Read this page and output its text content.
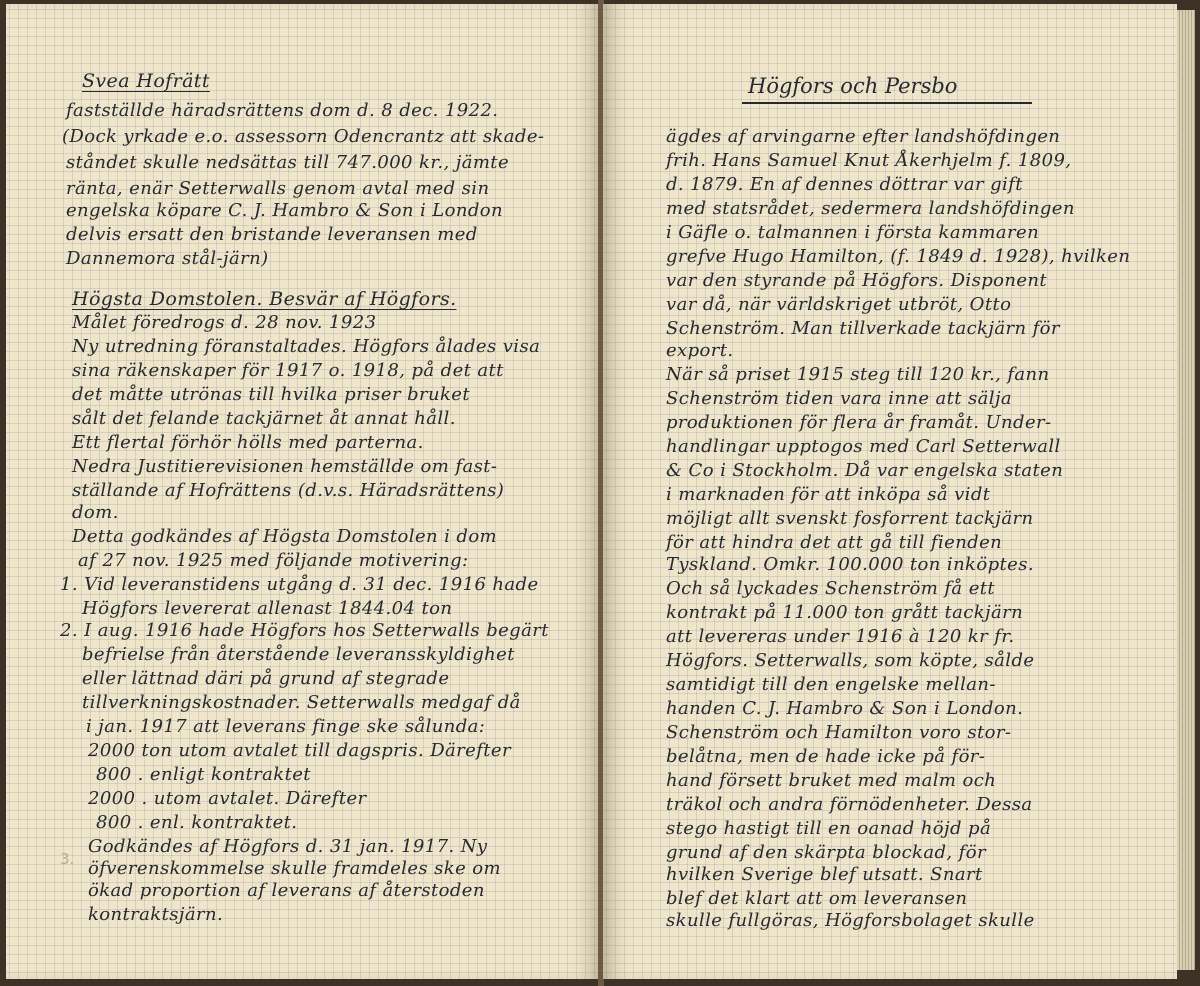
3.
Högfors och Persbo
Svea Hofrätt
fastställde häradsrättens dom d. 8 dec. 1922.
(Dock yrkade e.o. assessorn Odencrantz att skade-
ståndet skulle nedsättas till 747.000 kr., jämte
ränta, enär Setterwalls genom avtal med sin
engelska köpare C. J. Hambro & Son i London
delvis ersatt den bristande leveransen med
Dannemora stål-järn)
Högsta Domstolen. Besvär af Högfors.
Målet föredrogs d. 28 nov. 1923
Ny utredning föranstaltades. Högfors ålades visa
sina räkenskaper för 1917 o. 1918, på det att
det måtte utrönas till hvilka priser bruket
sålt det felande tackjärnet åt annat håll.
Ett flertal förhör hölls med parterna.
Nedra Justitierevisionen hemställde om fast-
ställande af Hofrättens (d.v.s. Häradsrättens)
dom.
Detta godkändes af Högsta Domstolen i dom
af 27 nov. 1925 med följande motivering:
1. Vid leveranstidens utgång d. 31 dec. 1916 hade
Högfors levererat allenast 1844.04 ton
2. I aug. 1916 hade Högfors hos Setterwalls begärt
befrielse från återstående leveransskyldighet
eller lättnad däri på grund af stegrade
tillverkningskostnader. Setterwalls medgaf då
i jan. 1917 att leverans finge ske sålunda:
2000 ton utom avtalet till dagspris. Därefter
800 . enligt kontraktet
2000 . utom avtalet. Därefter
800 . enl. kontraktet.
Godkändes af Högfors d. 31 jan. 1917. Ny
öfverenskommelse skulle framdeles ske om
ökad proportion af leverans af återstoden
kontraktsjärn.
ägdes af arvingarne efter landshöfdingen
frih. Hans Samuel Knut Åkerhjelm f. 1809,
d. 1879. En af dennes döttrar var gift
med statsrådet, sedermera landshöfdingen
i Gäfle o. talmannen i första kammaren
grefve Hugo Hamilton, (f. 1849 d. 1928), hvilken
var den styrande på Högfors. Disponent
var då, när världskriget utbröt, Otto
Schenström. Man tillverkade tackjärn för
export.
När så priset 1915 steg till 120 kr., fann
Schenström tiden vara inne att sälja
produktionen för flera år framåt. Under-
handlingar upptogos med Carl Setterwall
& Co i Stockholm. Då var engelska staten
i marknaden för att inköpa så vidt
möjligt allt svenskt fosforrent tackjärn
för att hindra det att gå till fienden
Tyskland. Omkr. 100.000 ton inköptes.
Och så lyckades Schenström få ett
kontrakt på 11.000 ton grått tackjärn
att levereras under 1916 à 120 kr fr.
Högfors. Setterwalls, som köpte, sålde
samtidigt till den engelske mellan-
handen C. J. Hambro & Son i London.
Schenström och Hamilton voro stor-
belåtna, men de hade icke på för-
hand försett bruket med malm och
träkol och andra förnödenheter. Dessa
stego hastigt till en oanad höjd på
grund af den skärpta blockad, för
hvilken Sverige blef utsatt. Snart
blef det klart att om leveransen
skulle fullgöras, Högforsbolaget skulle
